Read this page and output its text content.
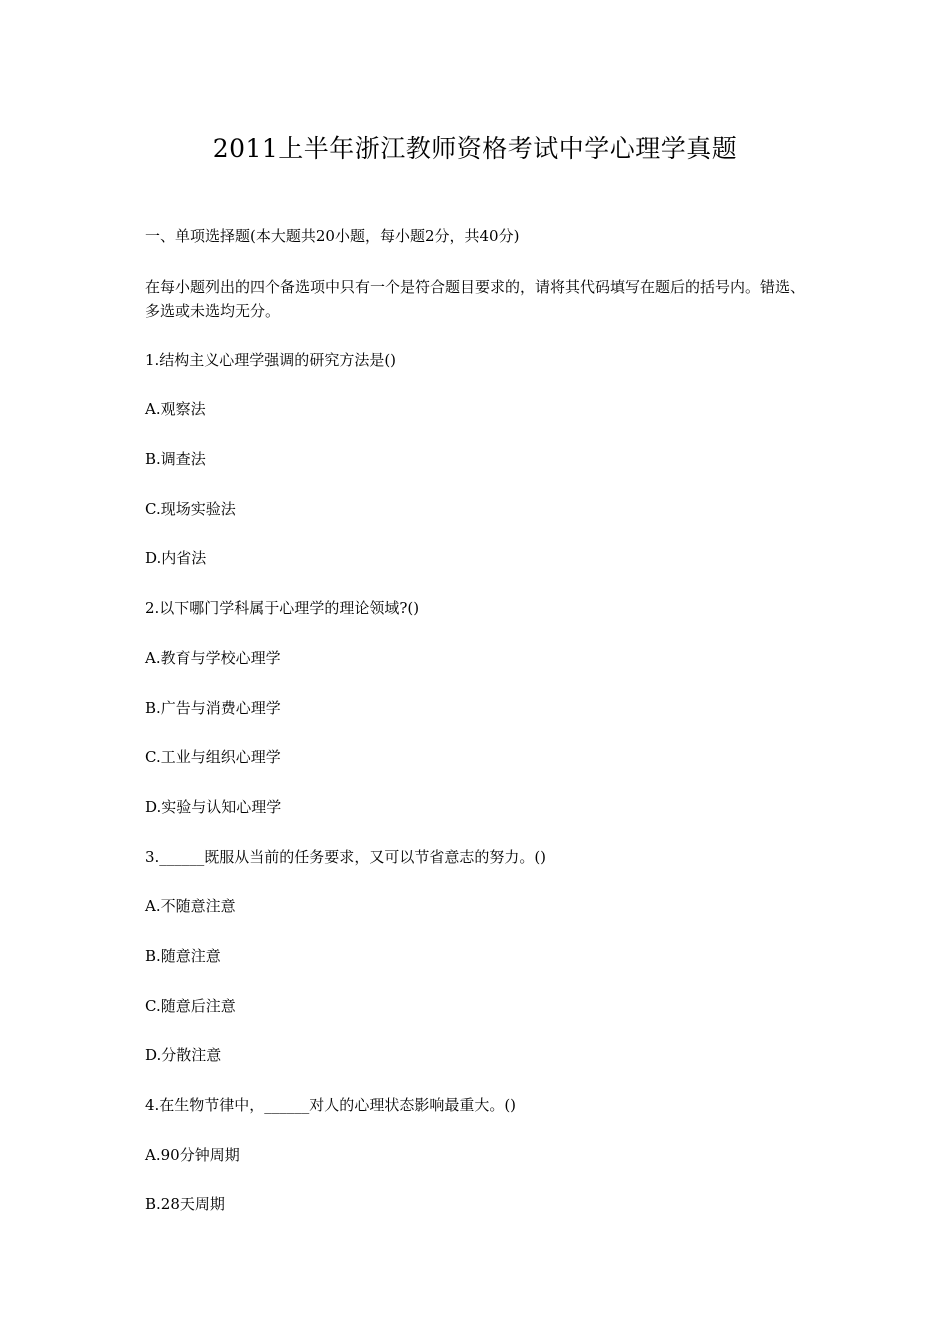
2011上半年浙江教师资格考试中学心理学真题
一、单项选择题(本大题共20小题，每小题2分，共40分)
在每小题列出的四个备选项中只有一个是符合题目要求的，请将其代码填写在题后的括号内。错选、多选或未选均无分。
1.结构主义心理学强调的研究方法是()
A.观察法
B.调查法
C.现场实验法
D.内省法
2.以下哪门学科属于心理学的理论领域?()
A.教育与学校心理学
B.广告与消费心理学
C.工业与组织心理学
D.实验与认知心理学
3.______既服从当前的任务要求，又可以节省意志的努力。()
A.不随意注意
B.随意注意
C.随意后注意
D.分散注意
4.在生物节律中，______对人的心理状态影响最重大。()
A.90分钟周期
B.28天周期
